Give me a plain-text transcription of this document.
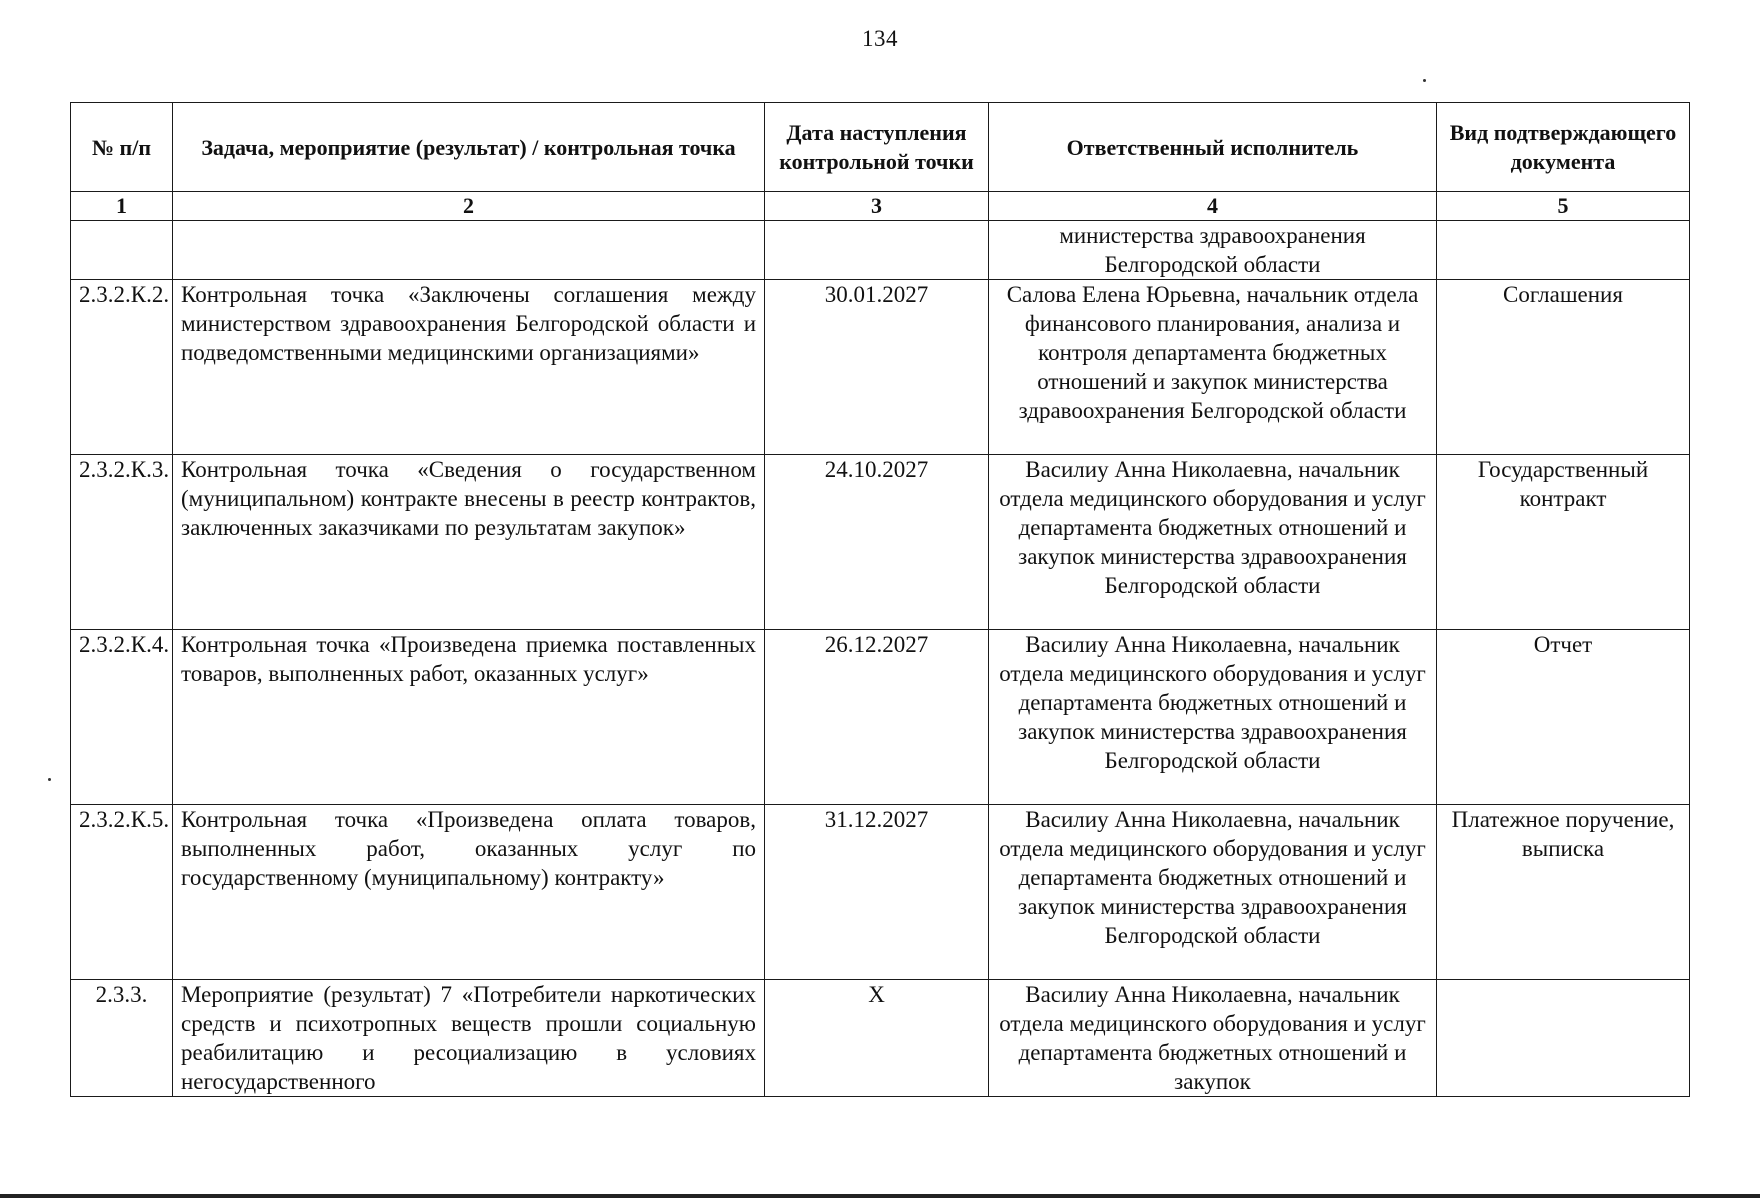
134
№ п/п	Задача, мероприятие (результат) / контрольная точка	Дата наступления контрольной точки	Ответственный исполнитель	Вид подтверждающего документа
1	2	3	4	5
			министерства здравоохранения Белгородской области	
2.3.2.К.2.	Контрольная точка «Заключены соглашения между министерством здравоохранения Белгородской области и подведомственными медицинскими организациями»	30.01.2027	Салова Елена Юрьевна, начальник отдела финансового планирования, анализа и контроля департамента бюджетных отношений и закупок министерства здравоохранения Белгородской области	Соглашения
2.3.2.К.3.	Контрольная точка «Сведения о государственном (муниципальном) контракте внесены в реестр контрактов, заключенных заказчиками по результатам закупок»	24.10.2027	Василиу Анна Николаевна, начальник отдела медицинского оборудования и услуг департамента бюджетных отношений и закупок министерства здравоохранения Белгородской области	Государственный контракт
2.3.2.К.4.	Контрольная точка «Произведена приемка поставленных товаров, выполненных работ, оказанных услуг»	26.12.2027	Василиу Анна Николаевна, начальник отдела медицинского оборудования и услуг департамента бюджетных отношений и закупок министерства здравоохранения Белгородской области	Отчет
2.3.2.К.5.	Контрольная точка «Произведена оплата товаров, выполненных работ, оказанных услуг по государственному (муниципальному) контракту»	31.12.2027	Василиу Анна Николаевна, начальник отдела медицинского оборудования и услуг департамента бюджетных отношений и закупок министерства здравоохранения Белгородской области	Платежное поручение, выписка
2.3.3.	Мероприятие (результат) 7 «Потребители наркотических средств и психотропных веществ прошли социальную реабилитацию и ресоциализацию в условиях негосударственного	Х	Василиу Анна Николаевна, начальник отдела медицинского оборудования и услуг департамента бюджетных отношений и закупок	
